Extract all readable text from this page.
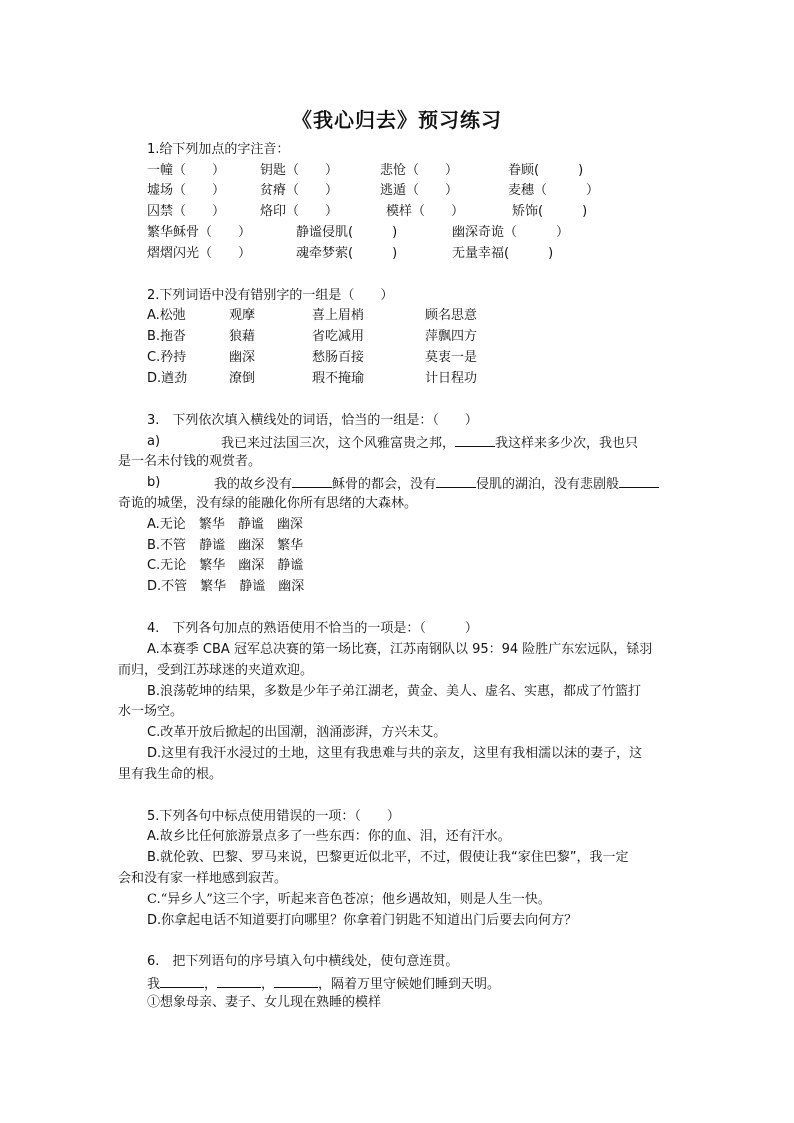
《我心归去》预习练习
1.给下列加点的字注音：
一幢（　　）	钥匙（　　）	悲怆（　　）	眷顾(　　　)
墟场（　　）	贫瘠（　　）	逃遁（　　）	麦穗（　　　）
囚禁（　　）	烙印（　　）	模样（　　）	矫饰(　　　)
繁华稣骨（　　）	静谧侵肌(　　　)	幽深奇诡（　　　）
熠熠闪光（　　）	魂牵梦萦(　　　)	无量幸福(　　　)
2.下列词语中没有错别字的一组是（　　）
A.松弛	观摩	喜上眉梢	顾名思意
B.拖沓	狼藉	省吃减用	萍飘四方
C.矜持	幽深	愁肠百接	莫衷一是
D.遒劲	潦倒	瑕不掩瑜	计日程功
3.　下列依次填入横线处的词语，恰当的一组是：（　　）
a)	我已来过法国三次，这个风雅富贵之邦，	我这样来多少次，我也只
是一名未付钱的观赏者。
b)	我的故乡没有	稣骨的都会，没有	侵肌的湖泊，没有悲剧般
奇诡的城堡，没有绿的能融化你所有思绪的大森林。
A.无论　 繁华　 静谧　 幽深
B.不管　 静谧　 幽深　 繁华
C.无论　 繁华　 幽深　 静谧
D.不管　 繁华　 静谧　 幽深
4.　下列各句加点的熟语使用不恰当的一项是：（　　　）
A.本赛季 CBA 冠军总决赛的第一场比赛，江苏南钢队以 95：94 险胜广东宏远队，铩羽
而归，受到江苏球迷的夹道欢迎。
B.浪荡乾坤的结果，多数是少年子弟江湖老，黄金、美人、虚名、实惠，都成了竹篮打
水一场空。
C.改革开放后掀起的出国潮，汹涌澎湃，方兴未艾。
D.这里有我汗水浸过的土地，这里有我患难与共的亲友，这里有我相濡以沫的妻子，这
里有我生命的根。
5.下列各句中标点使用错误的一项：（　　）
A.故乡比任何旅游景点多了一些东西：你的血、泪，还有汗水。
B.就伦敦、巴黎、罗马来说，巴黎更近似北平，不过，假使让我“家住巴黎”，我一定
会和没有家一样地感到寂苦。
C.“异乡人”这三个字，听起来音色苍凉；他乡遇故知，则是人生一快。
D.你拿起电话不知道要打向哪里？你拿着门钥匙不知道出门后要去向何方？
6.　把下列语句的序号填入句中横线处，使句意连贯。
我	，	，	，隔着万里守候她们睡到天明。
①想象母亲、妻子、女儿现在熟睡的模样
